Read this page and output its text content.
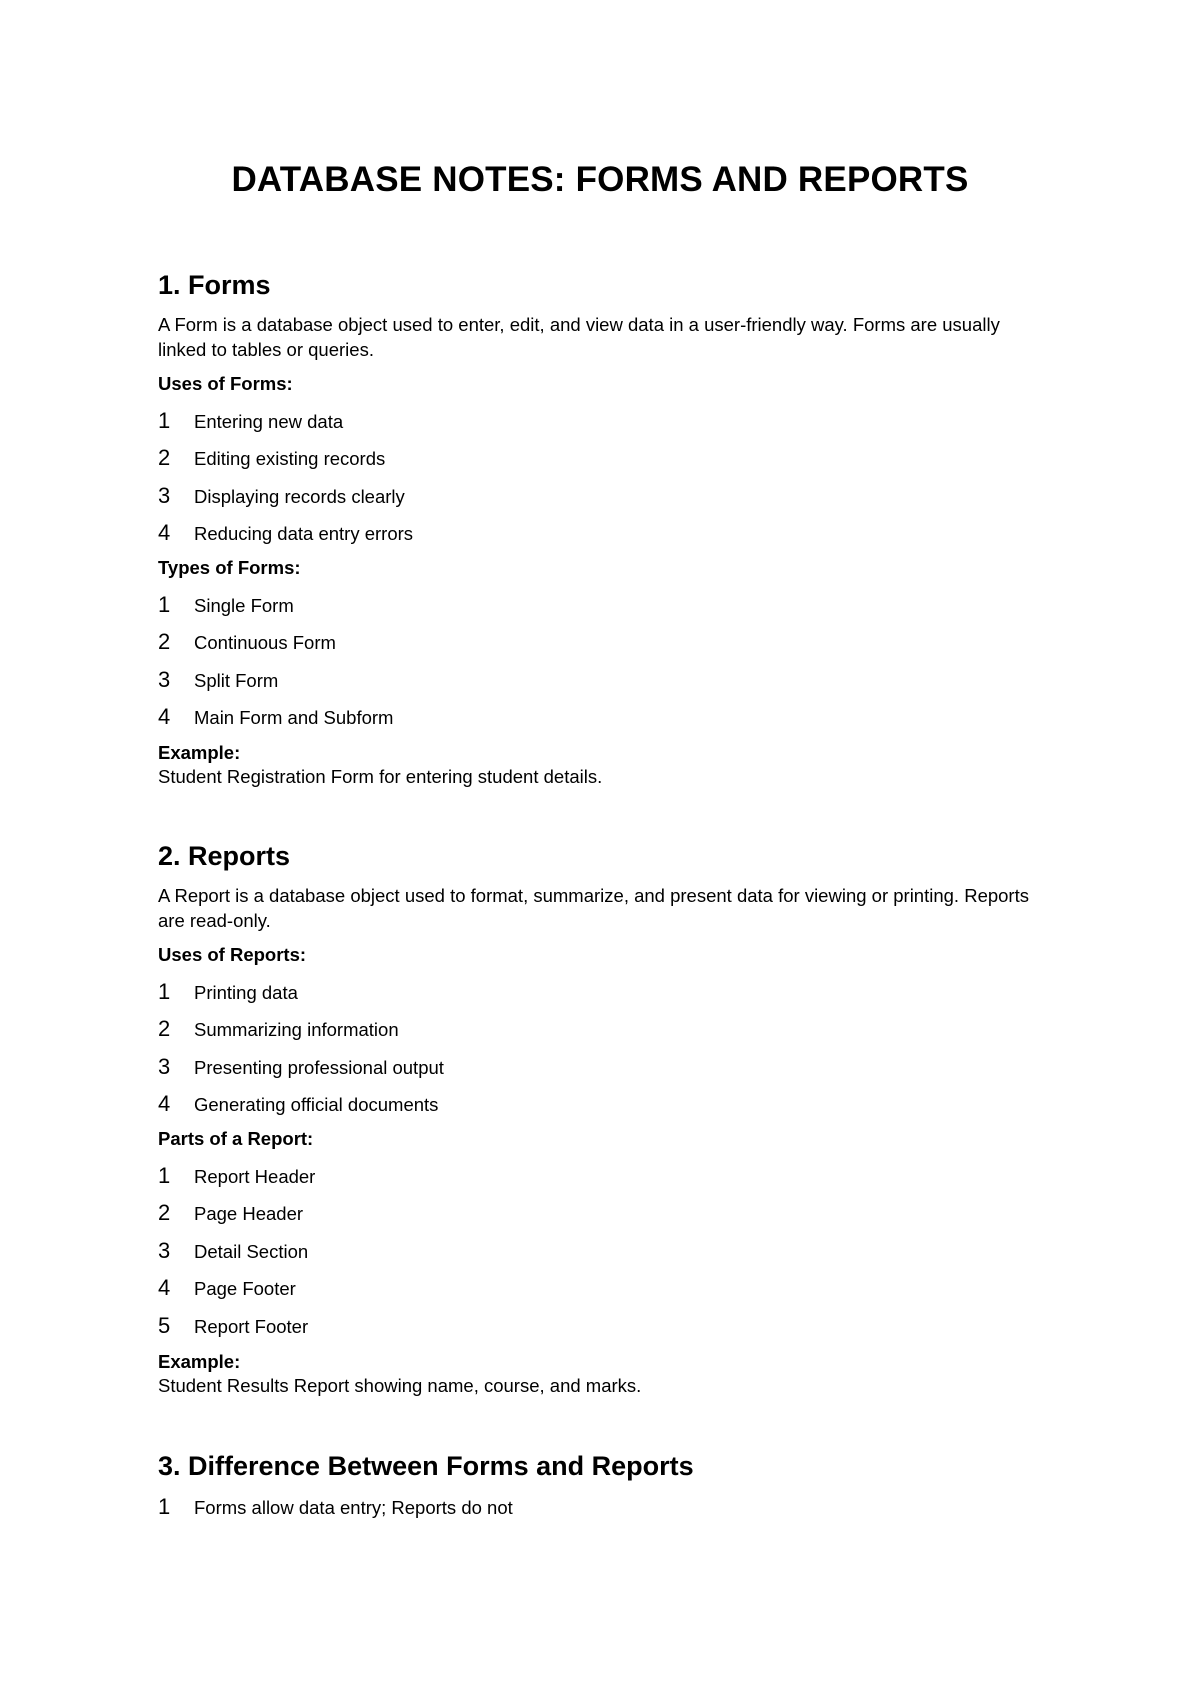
DATABASE NOTES: FORMS AND REPORTS
1. Forms

A Form is a database object used to enter, edit, and view data in a user-friendly way. Forms are usually linked to tables or queries.

Uses of Forms:
1	Entering new data
2	Editing existing records
3	Displaying records clearly
4	Reducing data entry errors
Types of Forms:
1	Single Form
2	Continuous Form
3	Split Form
4	Main Form and Subform
Example:

Student Registration Form for entering student details.

2. Reports

A Report is a database object used to format, summarize, and present data for viewing or printing. Reports are read-only.

Uses of Reports:
1	Printing data
2	Summarizing information
3	Presenting professional output
4	Generating official documents
Parts of a Report:
1	Report Header
2	Page Header
3	Detail Section
4	Page Footer
5	Report Footer
Example:

Student Results Report showing name, course, and marks.

3. Difference Between Forms and Reports
1	Forms allow data entry; Reports do not
